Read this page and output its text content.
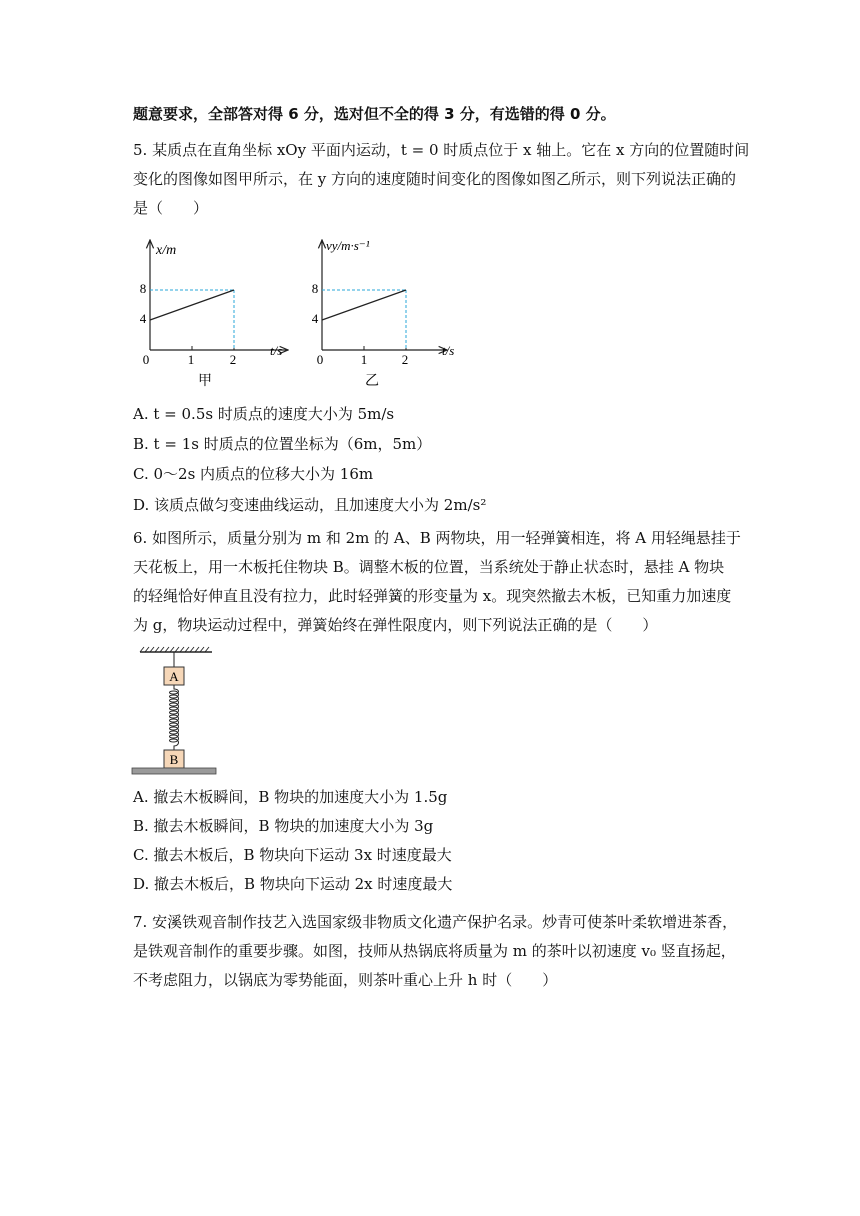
题意要求，全部答对得 6 分，选对但不全的得 3 分，有选错的得 0 分。
5. 某质点在直角坐标 xOy 平面内运动，t = 0 时质点位于 x 轴上。它在 x 方向的位置随时间
变化的图像如图甲所示，在 y 方向的速度随时间变化的图像如图乙所示，则下列说法正确的
是（　　）
x/m
t/s
0	1	2
4
8
甲
vy/m·s⁻¹
t/s
0	1	2
4
8
乙
A. t = 0.5s 时质点的速度大小为 5m/s
B. t = 1s 时质点的位置坐标为（6m，5m）
C. 0～2s 内质点的位移大小为 16m
D. 该质点做匀变速曲线运动，且加速度大小为 2m/s²
6. 如图所示，质量分别为 m 和 2m 的 A、B 两物块，用一轻弹簧相连，将 A 用轻绳悬挂于
天花板上，用一木板托住物块 B。调整木板的位置，当系统处于静止状态时，悬挂 A 物块
的轻绳恰好伸直且没有拉力，此时轻弹簧的形变量为 x。现突然撤去木板，已知重力加速度
为 g，物块运动过程中，弹簧始终在弹性限度内，则下列说法正确的是（　　）
A
B
A. 撤去木板瞬间，B 物块的加速度大小为 1.5g
B. 撤去木板瞬间，B 物块的加速度大小为 3g
C. 撤去木板后，B 物块向下运动 3x 时速度最大
D. 撤去木板后，B 物块向下运动 2x 时速度最大
7. 安溪铁观音制作技艺入选国家级非物质文化遗产保护名录。炒青可使茶叶柔软增进茶香，
是铁观音制作的重要步骤。如图，技师从热锅底将质量为 m 的茶叶以初速度 v₀ 竖直扬起，
不考虑阻力，以锅底为零势能面，则茶叶重心上升 h 时（　　）
